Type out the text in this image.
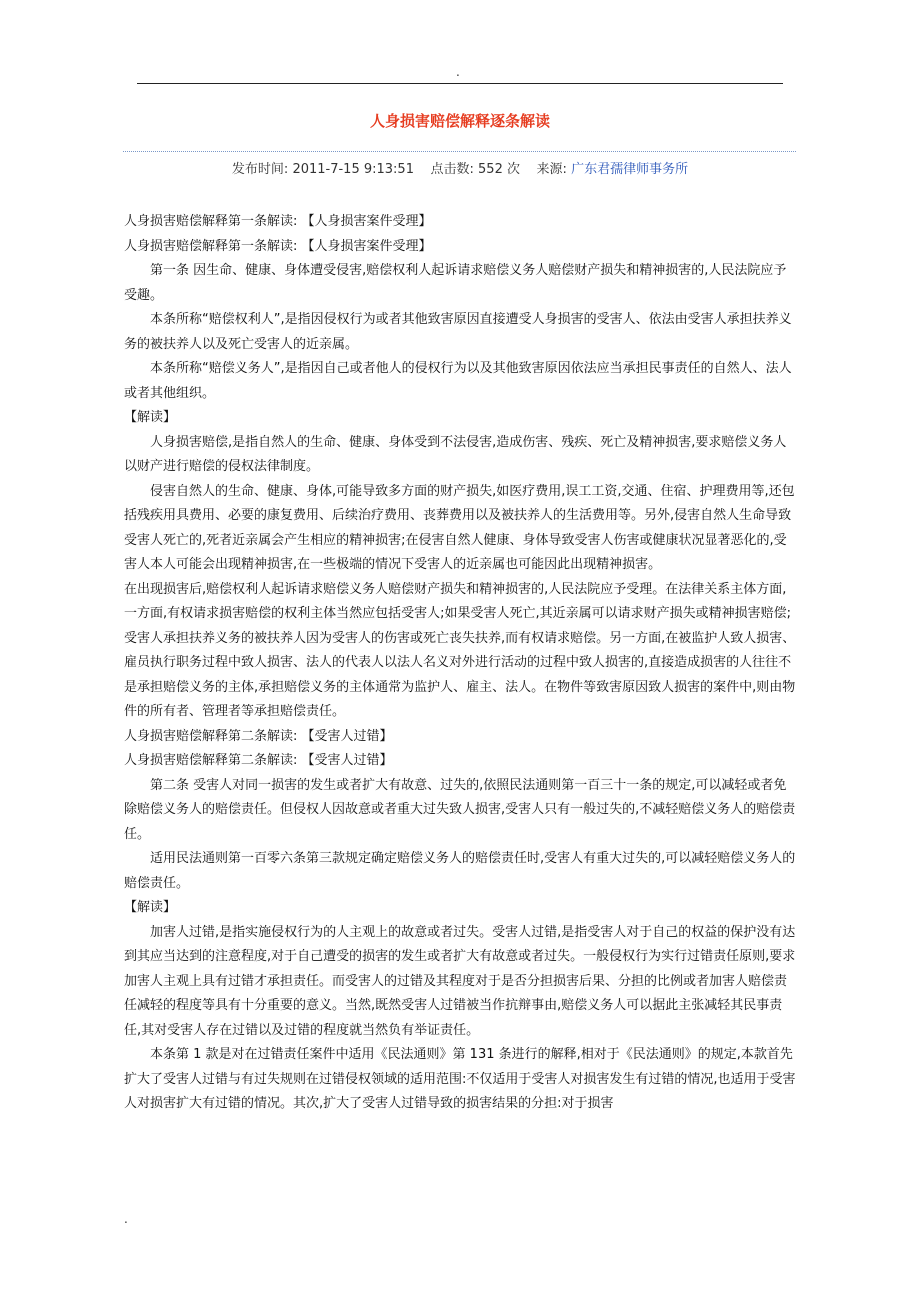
.
人身损害赔偿解释逐条解读
发布时间: 2011-7-15 9:13:51 点击数: 552 次 来源: 广东君孺律师事务所

人身损害赔偿解释第一条解读: 【人身损害案件受理】

人身损害赔偿解释第一条解读: 【人身损害案件受理】

第一条 因生命、健康、身体遭受侵害,赔偿权利人起诉请求赔偿义务人赔偿财产损失和精神损害的,人民法院应予受趣。

本条所称“赔偿权利人”,是指因侵权行为或者其他致害原因直接遭受人身损害的受害人、依法由受害人承担扶养义务的被扶养人以及死亡受害人的近亲属。

本条所称“赔偿义务人”,是指因自己或者他人的侵权行为以及其他致害原因依法应当承担民事责任的自然人、法人或者其他组织。

【解读】

人身损害赔偿,是指自然人的生命、健康、身体受到不法侵害,造成伤害、残疾、死亡及精神损害,要求赔偿义务人以财产进行赔偿的侵权法律制度。

侵害自然人的生命、健康、身体,可能导致多方面的财产损失,如医疗费用,误工工资,交通、住宿、护理费用等,还包括残疾用具费用、必要的康复费用、后续治疗费用、丧葬费用以及被扶养人的生活费用等。另外,侵害自然人生命导致受害人死亡的,死者近亲属会产生相应的精神损害;在侵害自然人健康、身体导致受害人伤害或健康状况显著恶化的,受害人本人可能会出现精神损害,在一些极端的情况下受害人的近亲属也可能因此出现精神损害。

在出现损害后,赔偿权利人起诉请求赔偿义务人赔偿财产损失和精神损害的,人民法院应予受理。在法律关系主体方面,一方面,有权请求损害赔偿的权利主体当然应包括受害人;如果受害人死亡,其近亲属可以请求财产损失或精神损害赔偿;受害人承担扶养义务的被扶养人因为受害人的伤害或死亡丧失扶养,而有权请求赔偿。另一方面,在被监护人致人损害、雇员执行职务过程中致人损害、法人的代表人以法人名义对外进行活动的过程中致人损害的,直接造成损害的人往往不是承担赔偿义务的主体,承担赔偿义务的主体通常为监护人、雇主、法人。在物件等致害原因致人损害的案件中,则由物件的所有者、管理者等承担赔偿责任。

人身损害赔偿解释第二条解读: 【受害人过错】

人身损害赔偿解释第二条解读: 【受害人过错】

第二条 受害人对同一损害的发生或者扩大有故意、过失的,依照民法通则第一百三十一条的规定,可以减轻或者免除赔偿义务人的赔偿责任。但侵权人因故意或者重大过失致人损害,受害人只有一般过失的,不减轻赔偿义务人的赔偿责任。

适用民法通则第一百零六条第三款规定确定赔偿义务人的赔偿责任时,受害人有重大过失的,可以减轻赔偿义务人的赔偿责任。

【解读】

加害人过错,是指实施侵权行为的人主观上的故意或者过失。受害人过错,是指受害人对于自己的权益的保护没有达到其应当达到的注意程度,对于自己遭受的损害的发生或者扩大有故意或者过失。一般侵权行为实行过错责任原则,要求加害人主观上具有过错才承担责任。而受害人的过错及其程度对于是否分担损害后果、分担的比例或者加害人赔偿责任减轻的程度等具有十分重要的意义。当然,既然受害人过错被当作抗辩事由,赔偿义务人可以据此主张减轻其民事责任,其对受害人存在过错以及过错的程度就当然负有举证责任。

本条第 1 款是对在过错责任案件中适用《民法通则》第 131 条进行的解释,相对于《民法通则》的规定,本款首先扩大了受害人过错与有过失规则在过错侵权领域的适用范围:不仅适用于受害人对损害发生有过错的情况,也适用于受害人对损害扩大有过错的情况。其次,扩大了受害人过错导致的损害结果的分担:对于损害

.
